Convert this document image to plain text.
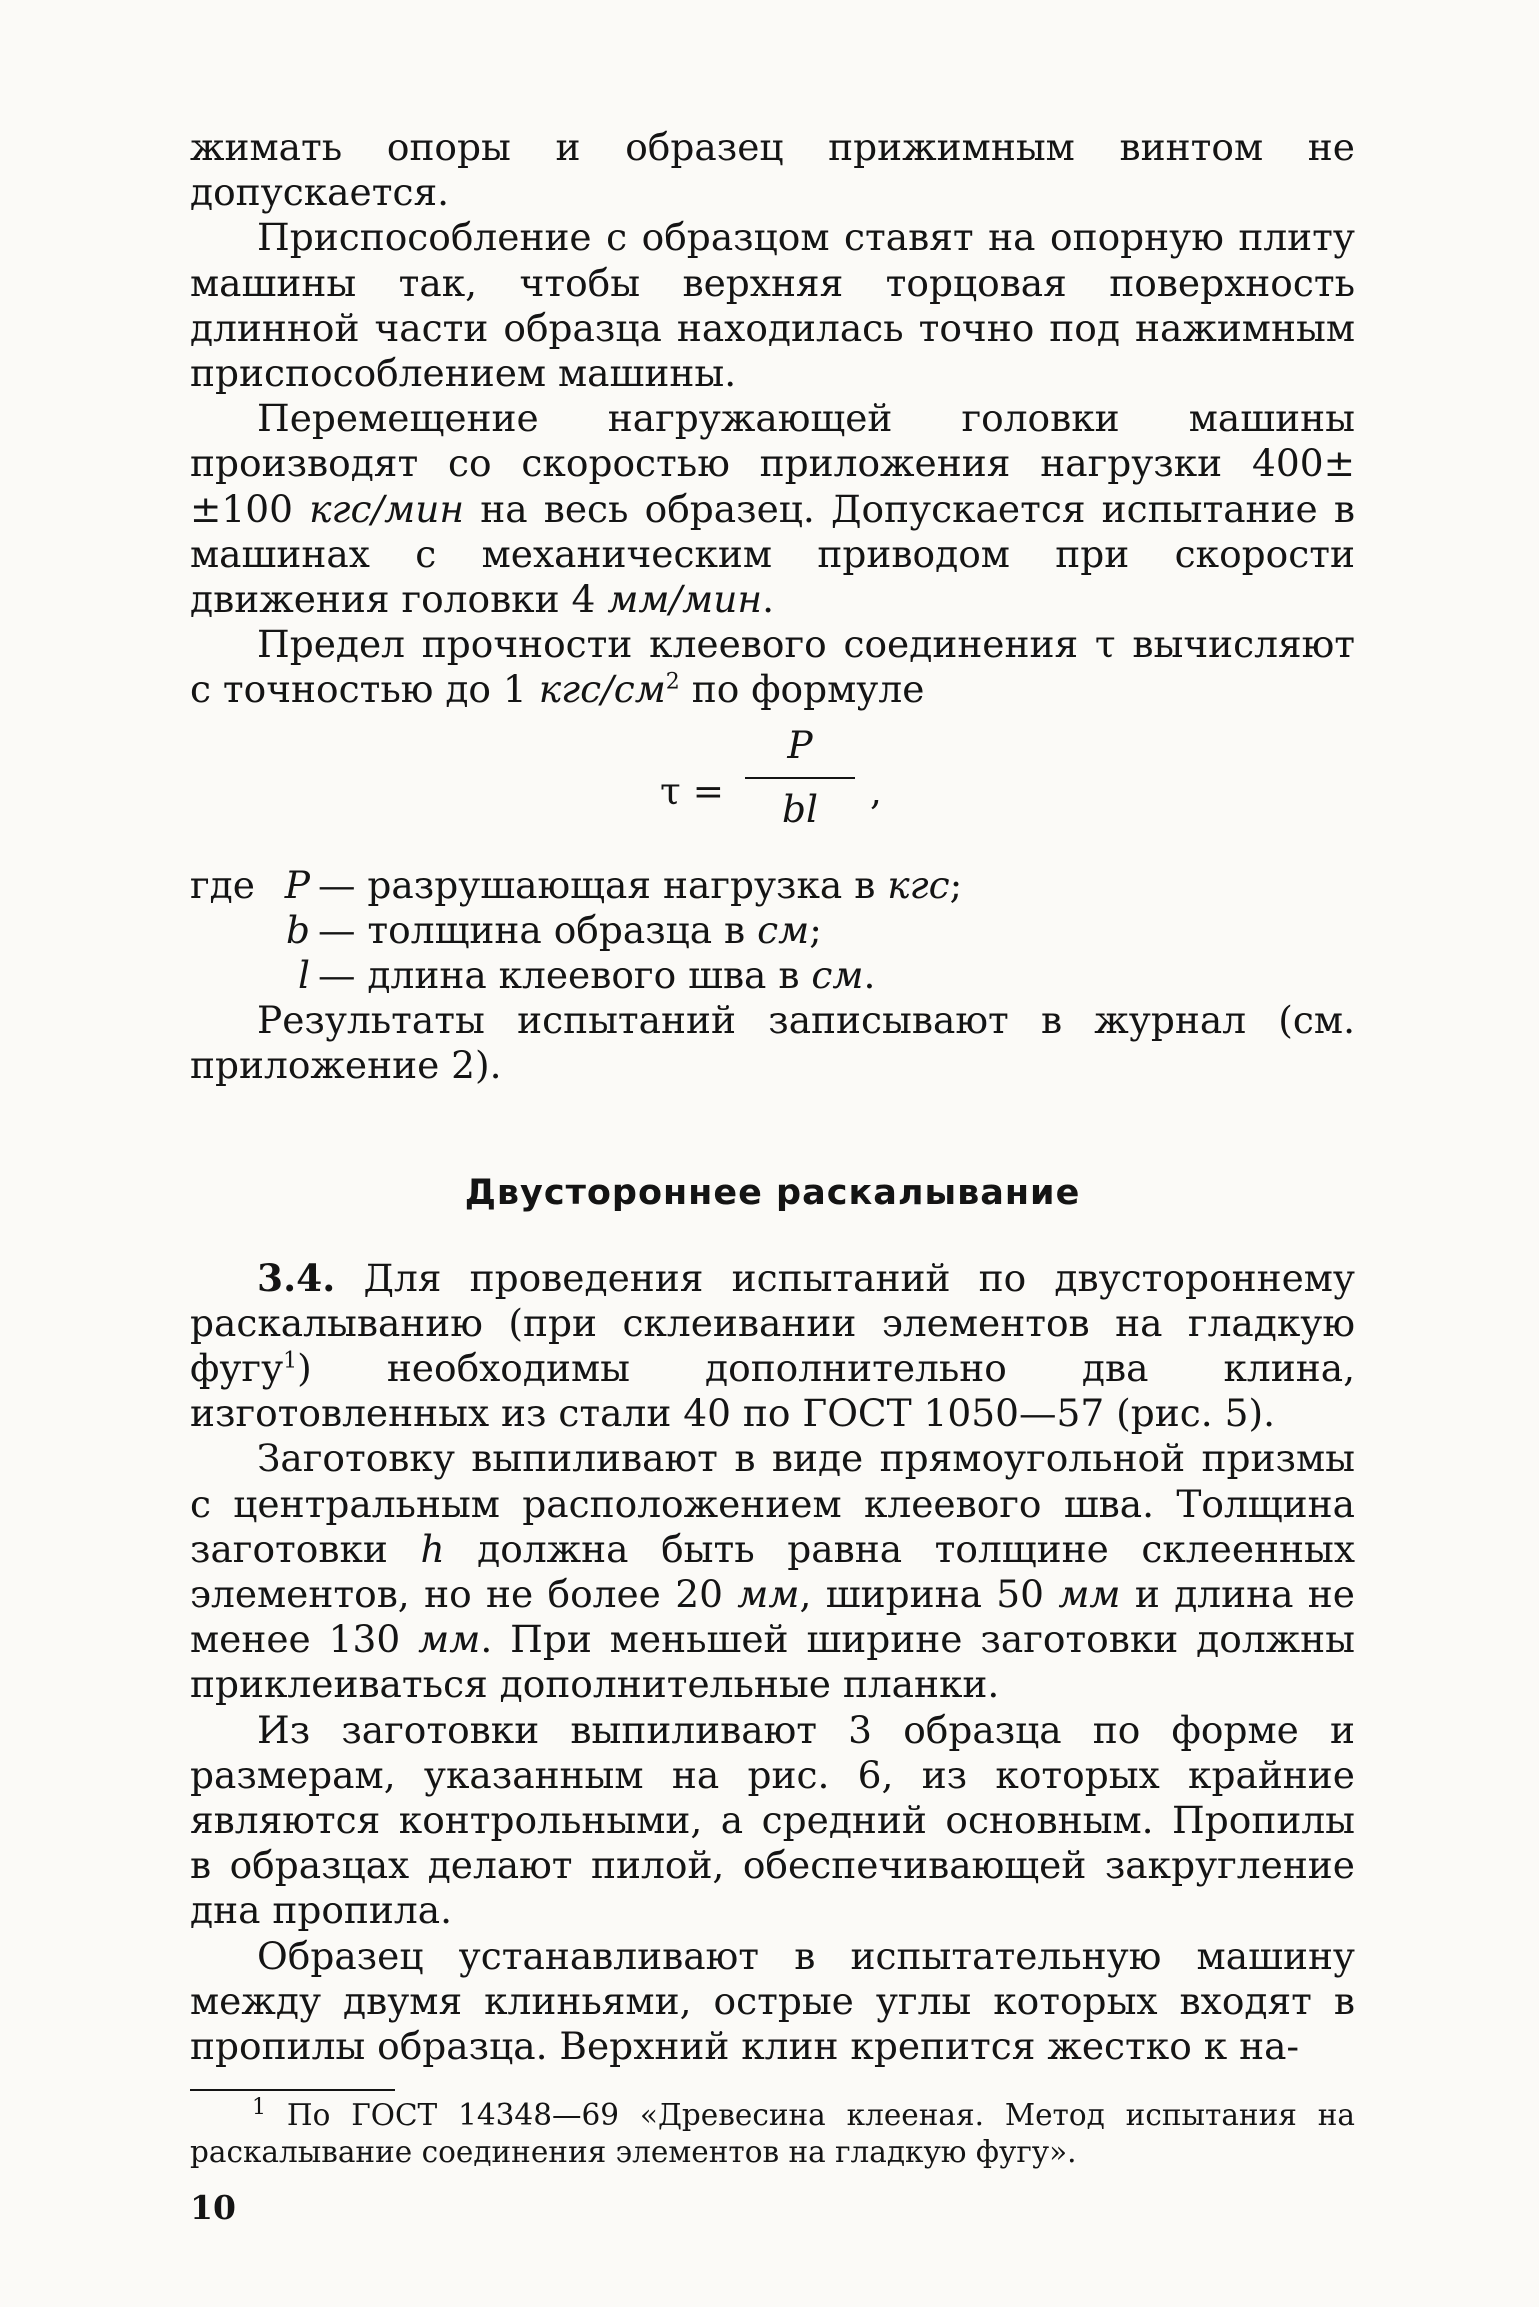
жимать опоры и образец прижимным винтом не допускается.

Приспособление с образцом ставят на опорную плиту машины так, чтобы верхняя торцовая поверхность длинной части образца находилась точно под нажимным приспособлением машины.

Перемещение нагружающей головки машины производят со скоростью приложения нагрузки 400±±100 кгс/мин на весь образец. Допускается испытание в машинах с механическим приводом при скорости движения головки 4 мм/мин.

Предел прочности клеевого соединения τ вычисляют с точностью до 1 кгс/$см^2$ по формуле

τ =
P
bl	,
где P — разрушающая нагрузка в кгс;
b — толщина образца в см;
l — длина клеевого шва в см.

Результаты испытаний записывают в журнал (см. приложение 2).

Двустороннее раскалывание

3.4. Для проведения испытаний по двустороннему раскалыванию (при склеивании элементов на гладкую фугу$^1$) необходимы дополнительно два клина, изготовленных из стали 40 по ГОСТ 1050—57 (рис. 5).

Заготовку выпиливают в виде прямоугольной призмы с центральным расположением клеевого шва. Толщина заготовки h должна быть равна толщине склеенных элементов, но не более 20 мм, ширина 50 мм и длина не менее 130 мм. При меньшей ширине заготовки должны приклеиваться дополнительные планки.

Из заготовки выпиливают 3 образца по форме и размерам, указанным на рис. 6, из которых крайние являются контрольными, а средний основным. Пропилы в образцах делают пилой, обеспечивающей закругление дна пропила.

Образец устанавливают в испытательную машину между двумя клиньями, острые углы которых входят в пропилы образца. Верхний клин крепится жестко к на-

$^1$ По ГОСТ 14348—69 «Древесина клееная. Метод испытания на раскалывание соединения элементов на гладкую фугу».

10
